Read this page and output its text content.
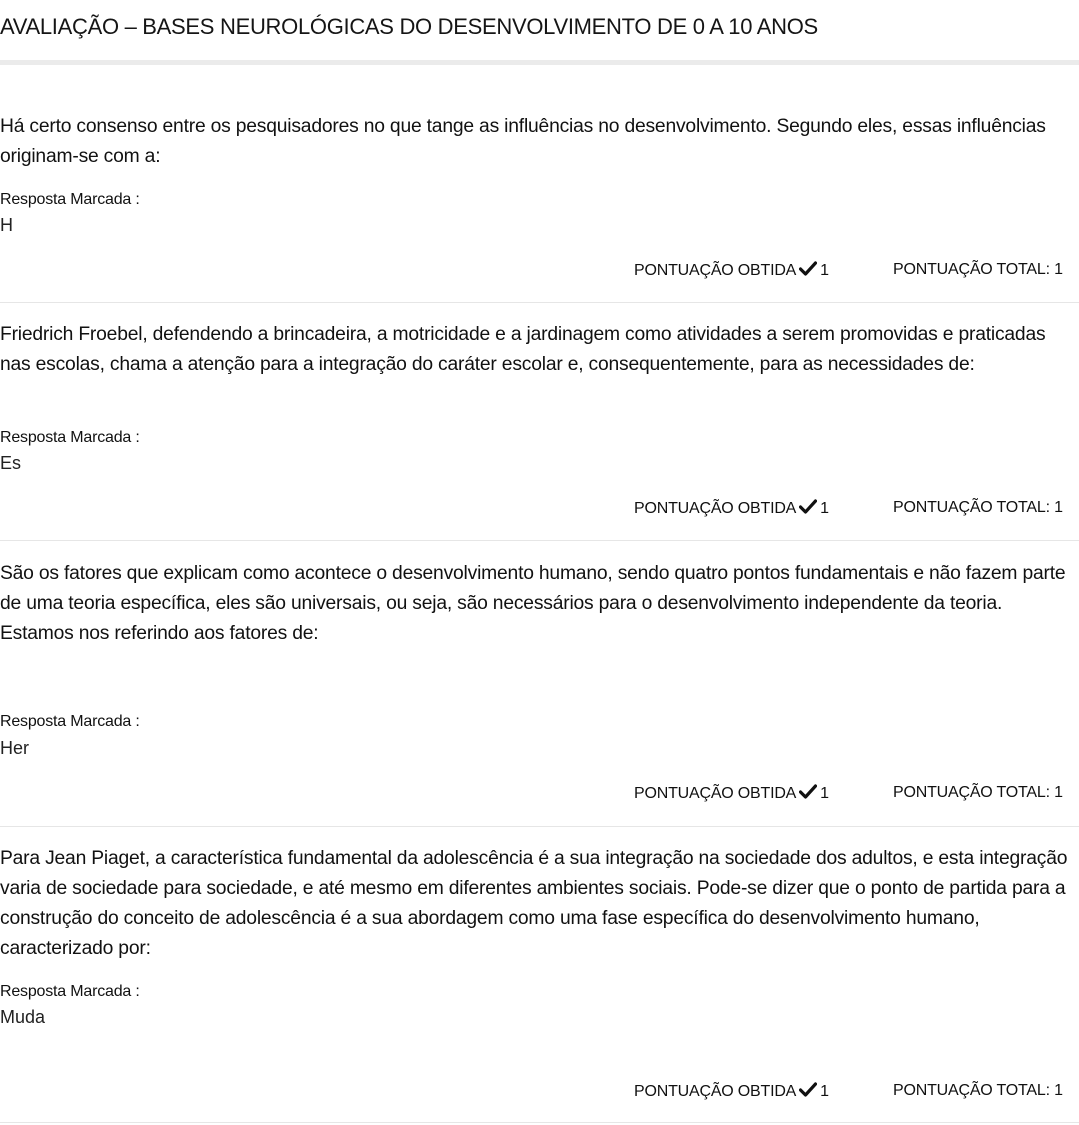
AVALIAÇÃO – BASES NEUROLÓGICAS DO DESENVOLVIMENTO DE 0 A 10 ANOS

Há certo consenso entre os pesquisadores no que tange as influências no desenvolvimento. Segundo eles, essas influências originam-se com a:

Resposta Marcada :
H
PONTUAÇÃO OBTIDA 1	PONTUAÇÃO TOTAL: 1

Friedrich Froebel, defendendo a brincadeira, a motricidade e a jardinagem como atividades a serem promovidas e praticadas nas escolas, chama a atenção para a integração do caráter escolar e, consequentemente, para as necessidades de:

Resposta Marcada :
Es
PONTUAÇÃO OBTIDA 1	PONTUAÇÃO TOTAL: 1

São os fatores que explicam como acontece o desenvolvimento humano, sendo quatro pontos fundamentais e não fazem parte de uma teoria específica, eles são universais, ou seja, são necessários para o desenvolvimento independente da teoria. Estamos nos referindo aos fatores de:

Resposta Marcada :
Her
PONTUAÇÃO OBTIDA 1	PONTUAÇÃO TOTAL: 1

Para Jean Piaget, a característica fundamental da adolescência é a sua integração na sociedade dos adultos, e esta integração varia de sociedade para sociedade, e até mesmo em diferentes ambientes sociais. Pode-se dizer que o ponto de partida para a construção do conceito de adolescência é a sua abordagem como uma fase específica do desenvolvimento humano, caracterizado por:

Resposta Marcada :
Muda
PONTUAÇÃO OBTIDA 1	PONTUAÇÃO TOTAL: 1
